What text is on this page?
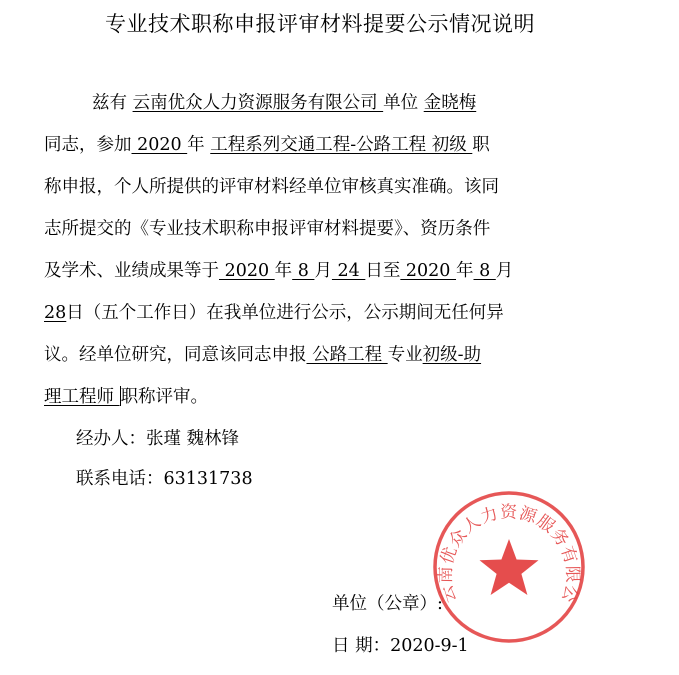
专业技术职称申报评审材料提要公示情况说明
兹有 云南优众人力资源服务有限公司 单位 金晓梅
同志，参加 2020 年 工程系列交通工程-公路工程 初级 职
称申报，个人所提供的评审材料经单位审核真实准确。该同
志所提交的《专业技术职称申报评审材料提要》、资历条件
及学术、业绩成果等于 2020 年 8 月 24 日至 2020 年 8 月
28日（五个工作日）在我单位进行公示，公示期间无任何异
议。经单位研究，同意该同志申报 公路工程 专业初级-助
理工程师 职称评审。
经办人：张瑾 魏林锋
联系电话：63131738
单位（公章）:
日 期：2020-9-1
云南优众人力资源服务有限公
